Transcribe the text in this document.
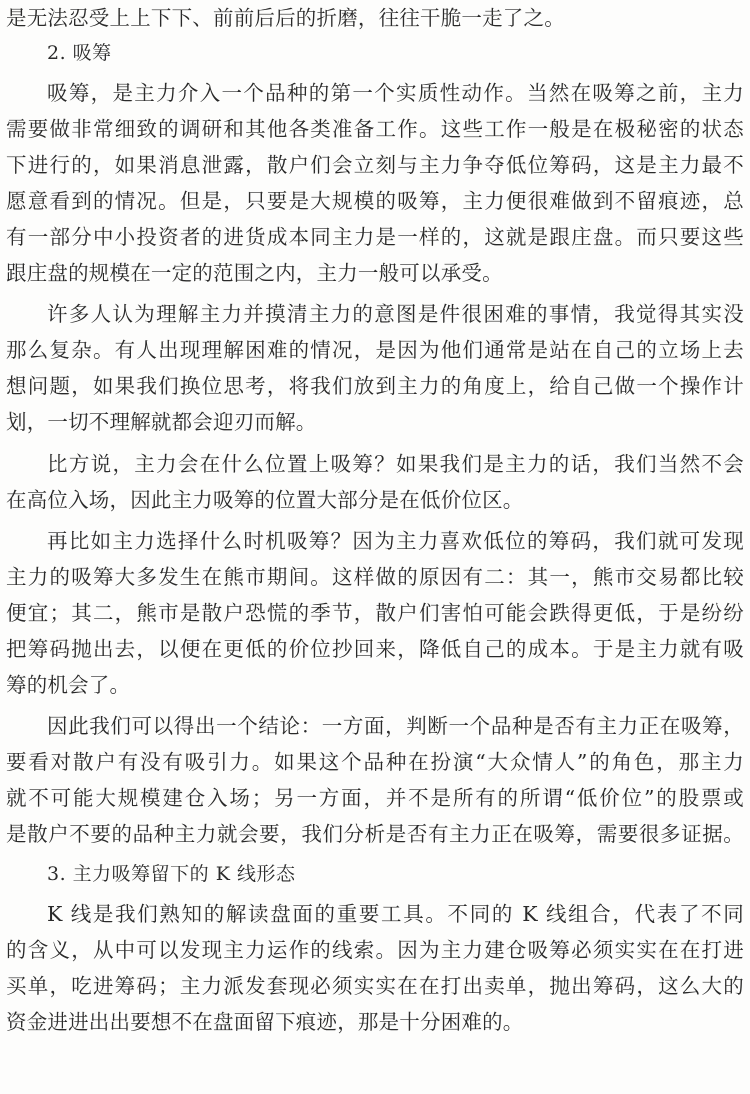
是无法忍受上上下下、前前后后的折磨，往往干脆一走了之。
2. 吸筹
吸筹，是主力介入一个品种的第一个实质性动作。当然在吸筹之前，主力
需要做非常细致的调研和其他各类准备工作。这些工作一般是在极秘密的状态
下进行的，如果消息泄露，散户们会立刻与主力争夺低位筹码，这是主力最不
愿意看到的情况。但是，只要是大规模的吸筹，主力便很难做到不留痕迹，总
有一部分中小投资者的进货成本同主力是一样的，这就是跟庄盘。而只要这些
跟庄盘的规模在一定的范围之内，主力一般可以承受。
许多人认为理解主力并摸清主力的意图是件很困难的事情，我觉得其实没
那么复杂。有人出现理解困难的情况，是因为他们通常是站在自己的立场上去
想问题，如果我们换位思考，将我们放到主力的角度上，给自己做一个操作计
划，一切不理解就都会迎刃而解。
比方说，主力会在什么位置上吸筹？如果我们是主力的话，我们当然不会
在高位入场，因此主力吸筹的位置大部分是在低价位区。
再比如主力选择什么时机吸筹？因为主力喜欢低位的筹码，我们就可发现
主力的吸筹大多发生在熊市期间。这样做的原因有二：其一，熊市交易都比较
便宜；其二，熊市是散户恐慌的季节，散户们害怕可能会跌得更低，于是纷纷
把筹码抛出去，以便在更低的价位抄回来，降低自己的成本。于是主力就有吸
筹的机会了。
因此我们可以得出一个结论：一方面，判断一个品种是否有主力正在吸筹，
要看对散户有没有吸引力。如果这个品种在扮演“大众情人”的角色，那主力
就不可能大规模建仓入场；另一方面，并不是所有的所谓“低价位”的股票或
是散户不要的品种主力就会要，我们分析是否有主力正在吸筹，需要很多证据。
3. 主力吸筹留下的 K 线形态
K 线是我们熟知的解读盘面的重要工具。不同的 K 线组合，代表了不同
的含义，从中可以发现主力运作的线索。因为主力建仓吸筹必须实实在在打进
买单，吃进筹码；主力派发套现必须实实在在打出卖单，抛出筹码，这么大的
资金进进出出要想不在盘面留下痕迹，那是十分困难的。
